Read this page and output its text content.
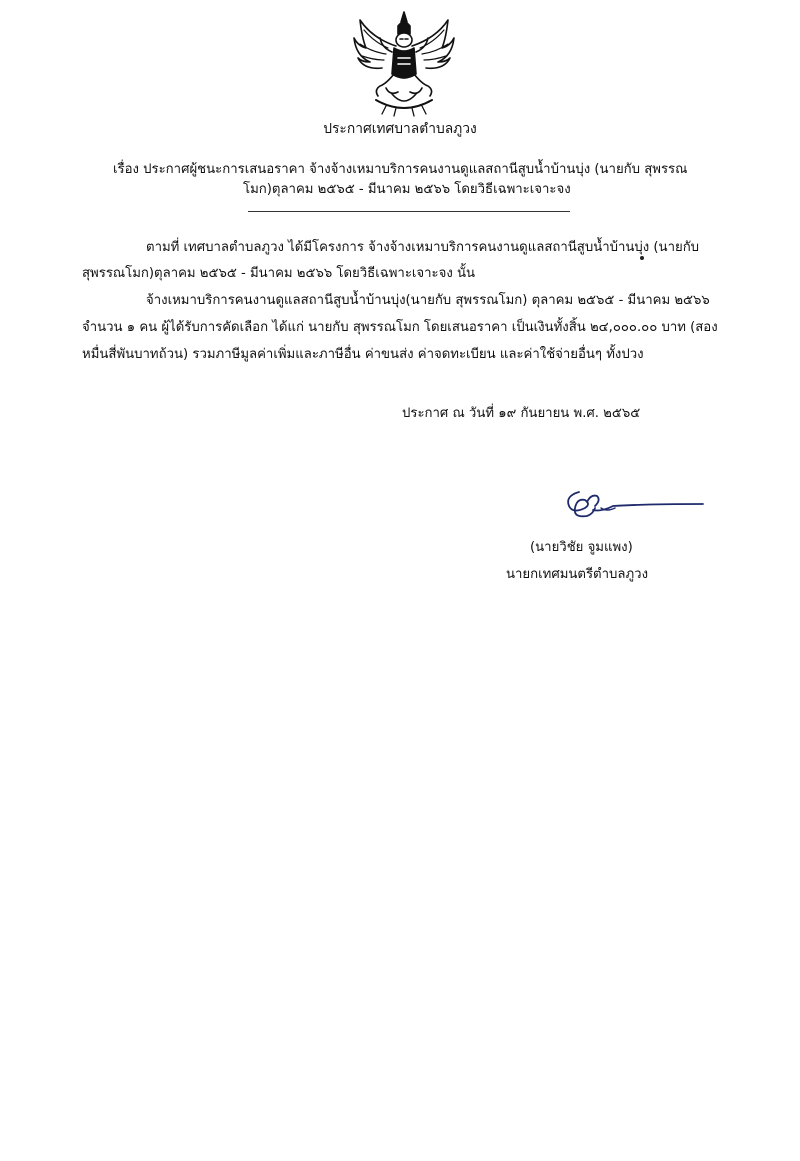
ประกาศเทศบาลตำบลภูวง
เรื่อง ประกาศผู้ชนะการเสนอราคา จ้างจ้างเหมาบริการคนงานดูแลสถานีสูบน้ำบ้านบุ่ง (นายกับ สุพรรณ
โมก)ตุลาคม ๒๕๖๕ - มีนาคม ๒๕๖๖ โดยวิธีเฉพาะเจาะจง
ตามที่ เทศบาลตำบลภูวง ได้มีโครงการ จ้างจ้างเหมาบริการคนงานดูแลสถานีสูบน้ำบ้านบุ่ง (นายกับ
สุพรรณโมก)ตุลาคม ๒๕๖๕ - มีนาคม ๒๕๖๖ โดยวิธีเฉพาะเจาะจง นั้น
จ้างเหมาบริการคนงานดูแลสถานีสูบน้ำบ้านบุ่ง(นายกับ สุพรรณโมก) ตุลาคม ๒๕๖๕ - มีนาคม ๒๕๖๖
จำนวน ๑ คน ผู้ได้รับการคัดเลือก ได้แก่ นายกับ สุพรรณโมก โดยเสนอราคา เป็นเงินทั้งสิ้น ๒๔,๐๐๐.๐๐ บาท (สอง
หมื่นสี่พันบาทถ้วน) รวมภาษีมูลค่าเพิ่มและภาษีอื่น ค่าขนส่ง ค่าจดทะเบียน และค่าใช้จ่ายอื่นๆ ทั้งปวง
ประกาศ ณ วันที่ ๑๙ กันยายน พ.ศ. ๒๕๖๕
(นายวิชัย จูมแพง)
นายกเทศมนตรีตำบลภูวง
